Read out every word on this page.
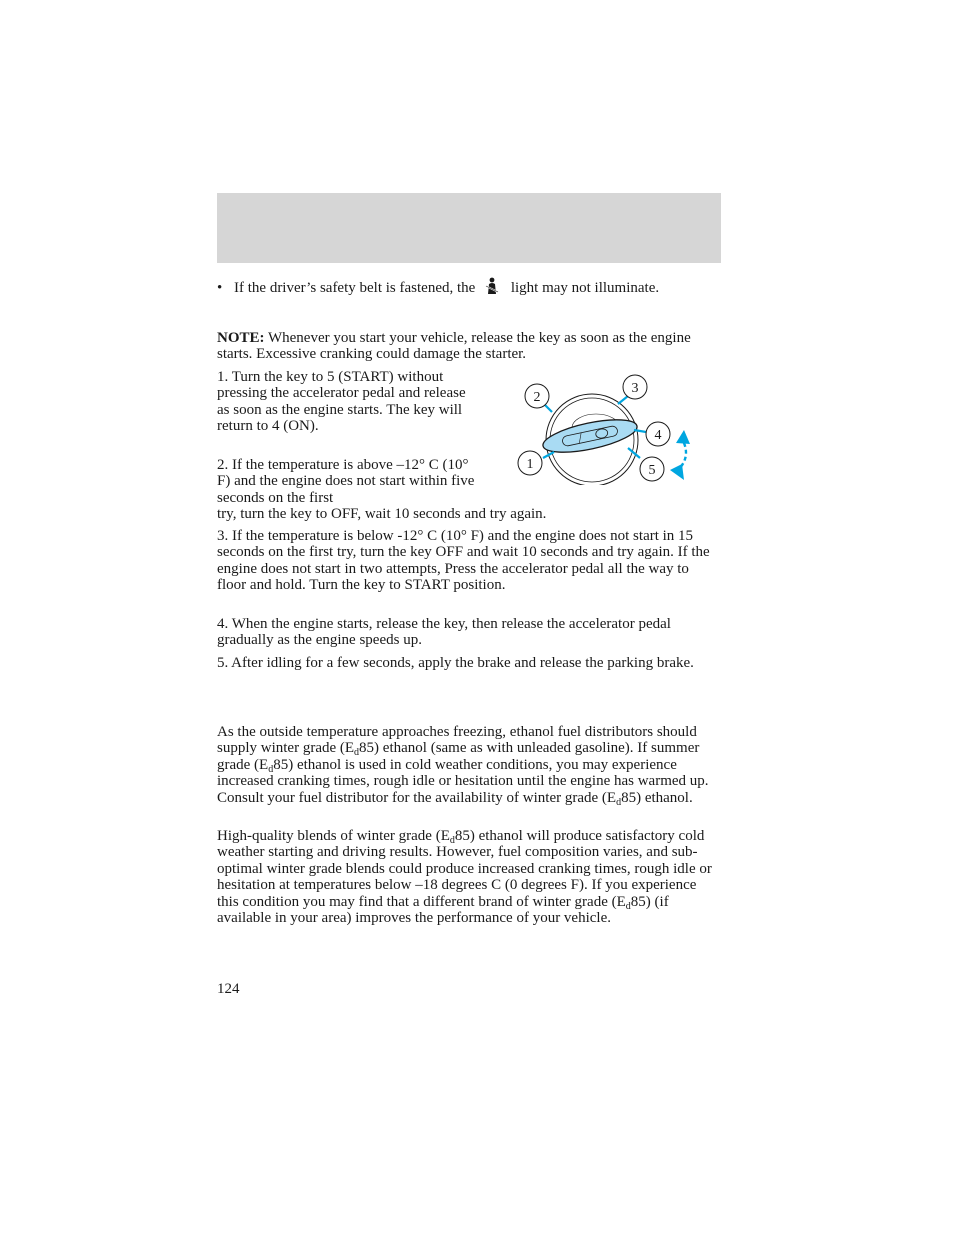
• If the driver’s safety belt is fastened, the light may not illuminate.

NOTE: Whenever you start your vehicle, release the key as soon as the engine starts. Excessive cranking could damage the starter.

1. Turn the key to 5 (START) without pressing the accelerator pedal and release as soon as the engine starts. The key will return to 4 (ON).

2. If the temperature is above –12° C (10° F) and the engine does not start within five seconds on the first

try, turn the key to OFF, wait 10 seconds and try again.

2
3
4
5
1

3. If the temperature is below -12° C (10° F) and the engine does not start in 15 seconds on the first try, turn the key OFF and wait 10 seconds and try again. If the engine does not start in two attempts, Press the accelerator pedal all the way to floor and hold. Turn the key to START position.

4. When the engine starts, release the key, then release the accelerator pedal gradually as the engine speeds up.

5. After idling for a few seconds, apply the brake and release the parking brake.

As the outside temperature approaches freezing, ethanol fuel distributors should supply winter grade $(E_d85)$ ethanol (same as with unleaded gasoline). If summer grade $(E_d85)$ ethanol is used in cold weather conditions, you may experience increased cranking times, rough idle or hesitation until the engine has warmed up. Consult your fuel distributor for the availability of winter grade $(E_d85)$ ethanol.

High-quality blends of winter grade $(E_d85)$ ethanol will produce satisfactory cold weather starting and driving results. However, fuel composition varies, and sub-optimal winter grade blends could produce increased cranking times, rough idle or hesitation at temperatures below –18 degrees C (0 degrees F). If you experience this condition you may find that a different brand of winter grade $(E_d85)$ (if available in your area) improves the performance of your vehicle.

124
